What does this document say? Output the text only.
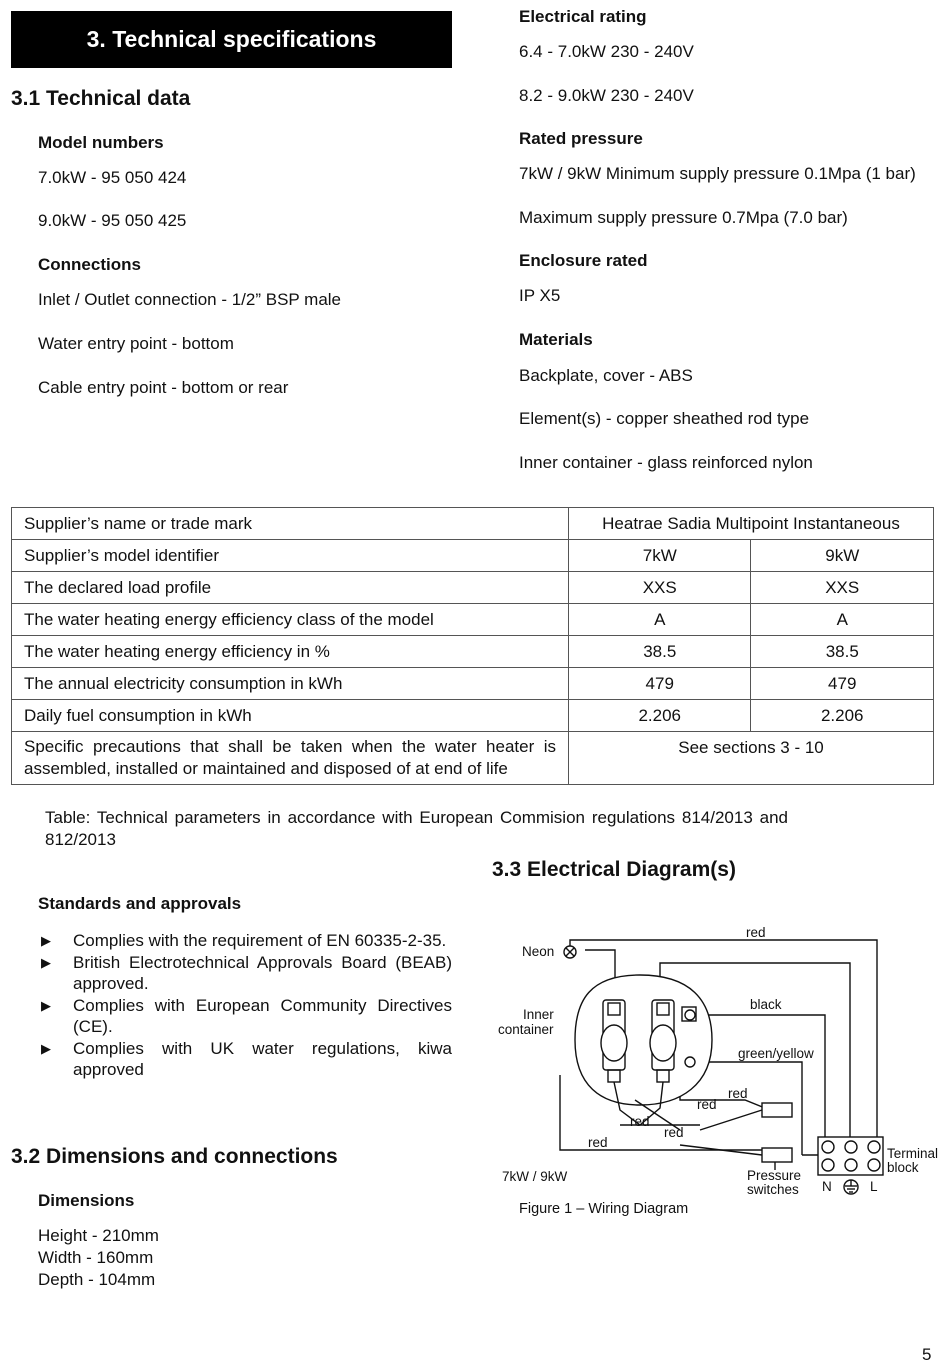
3. Technical specifications
3.1 Technical data
Model numbers
7.0kW - 95 050 424
9.0kW - 95 050 425
Connections
Inlet / Outlet connection - 1/2” BSP male
Water entry point - bottom
Cable entry point - bottom or rear
Electrical rating
6.4 - 7.0kW 230 - 240V
8.2 - 9.0kW 230 - 240V
Rated pressure
7kW / 9kW Minimum supply pressure 0.1Mpa (1 bar)
Maximum supply pressure 0.7Mpa (7.0 bar)
Enclosure rated
IP X5
Materials
Backplate, cover - ABS
Element(s) - copper sheathed rod type
Inner container - glass reinforced nylon
Supplier’s name or trade mark	Heatrae Sadia Multipoint Instantaneous	
Supplier’s model identifier	7kW	9kW
The declared load profile	XXS	XXS
The water heating energy efficiency class of the model	A	A
The water heating energy efficiency in %	38.5	38.5
The annual electricity consumption in kWh	479	479
Daily fuel consumption in kWh	2.206	2.206
Specific precautions that shall be taken when the water heater is assembled, installed or maintained and disposed of at end of life	See sections 3 - 10	
Table: Technical parameters in accordance with European Commision regulations 814/2013 and 812/2013
Standards and approvals
▶ Complies with the requirement of EN 60335-2-35.
▶ British Electrotechnical Approvals Board (BEAB) approved.
▶ Complies with European Community Directives (CE).
▶ Complies with UK water regulations, kiwa approved
3.2 Dimensions and connections
Dimensions
Height - 210mm
Width - 160mm
Depth - 104mm
3.3 Electrical Diagram(s)
Neon
Inner
container
red
black
green/yellow
red
red
red
red
red
7kW / 9kW	Pressure
switches
Terminal
block
N	L
Figure 1 – Wiring Diagram
5
